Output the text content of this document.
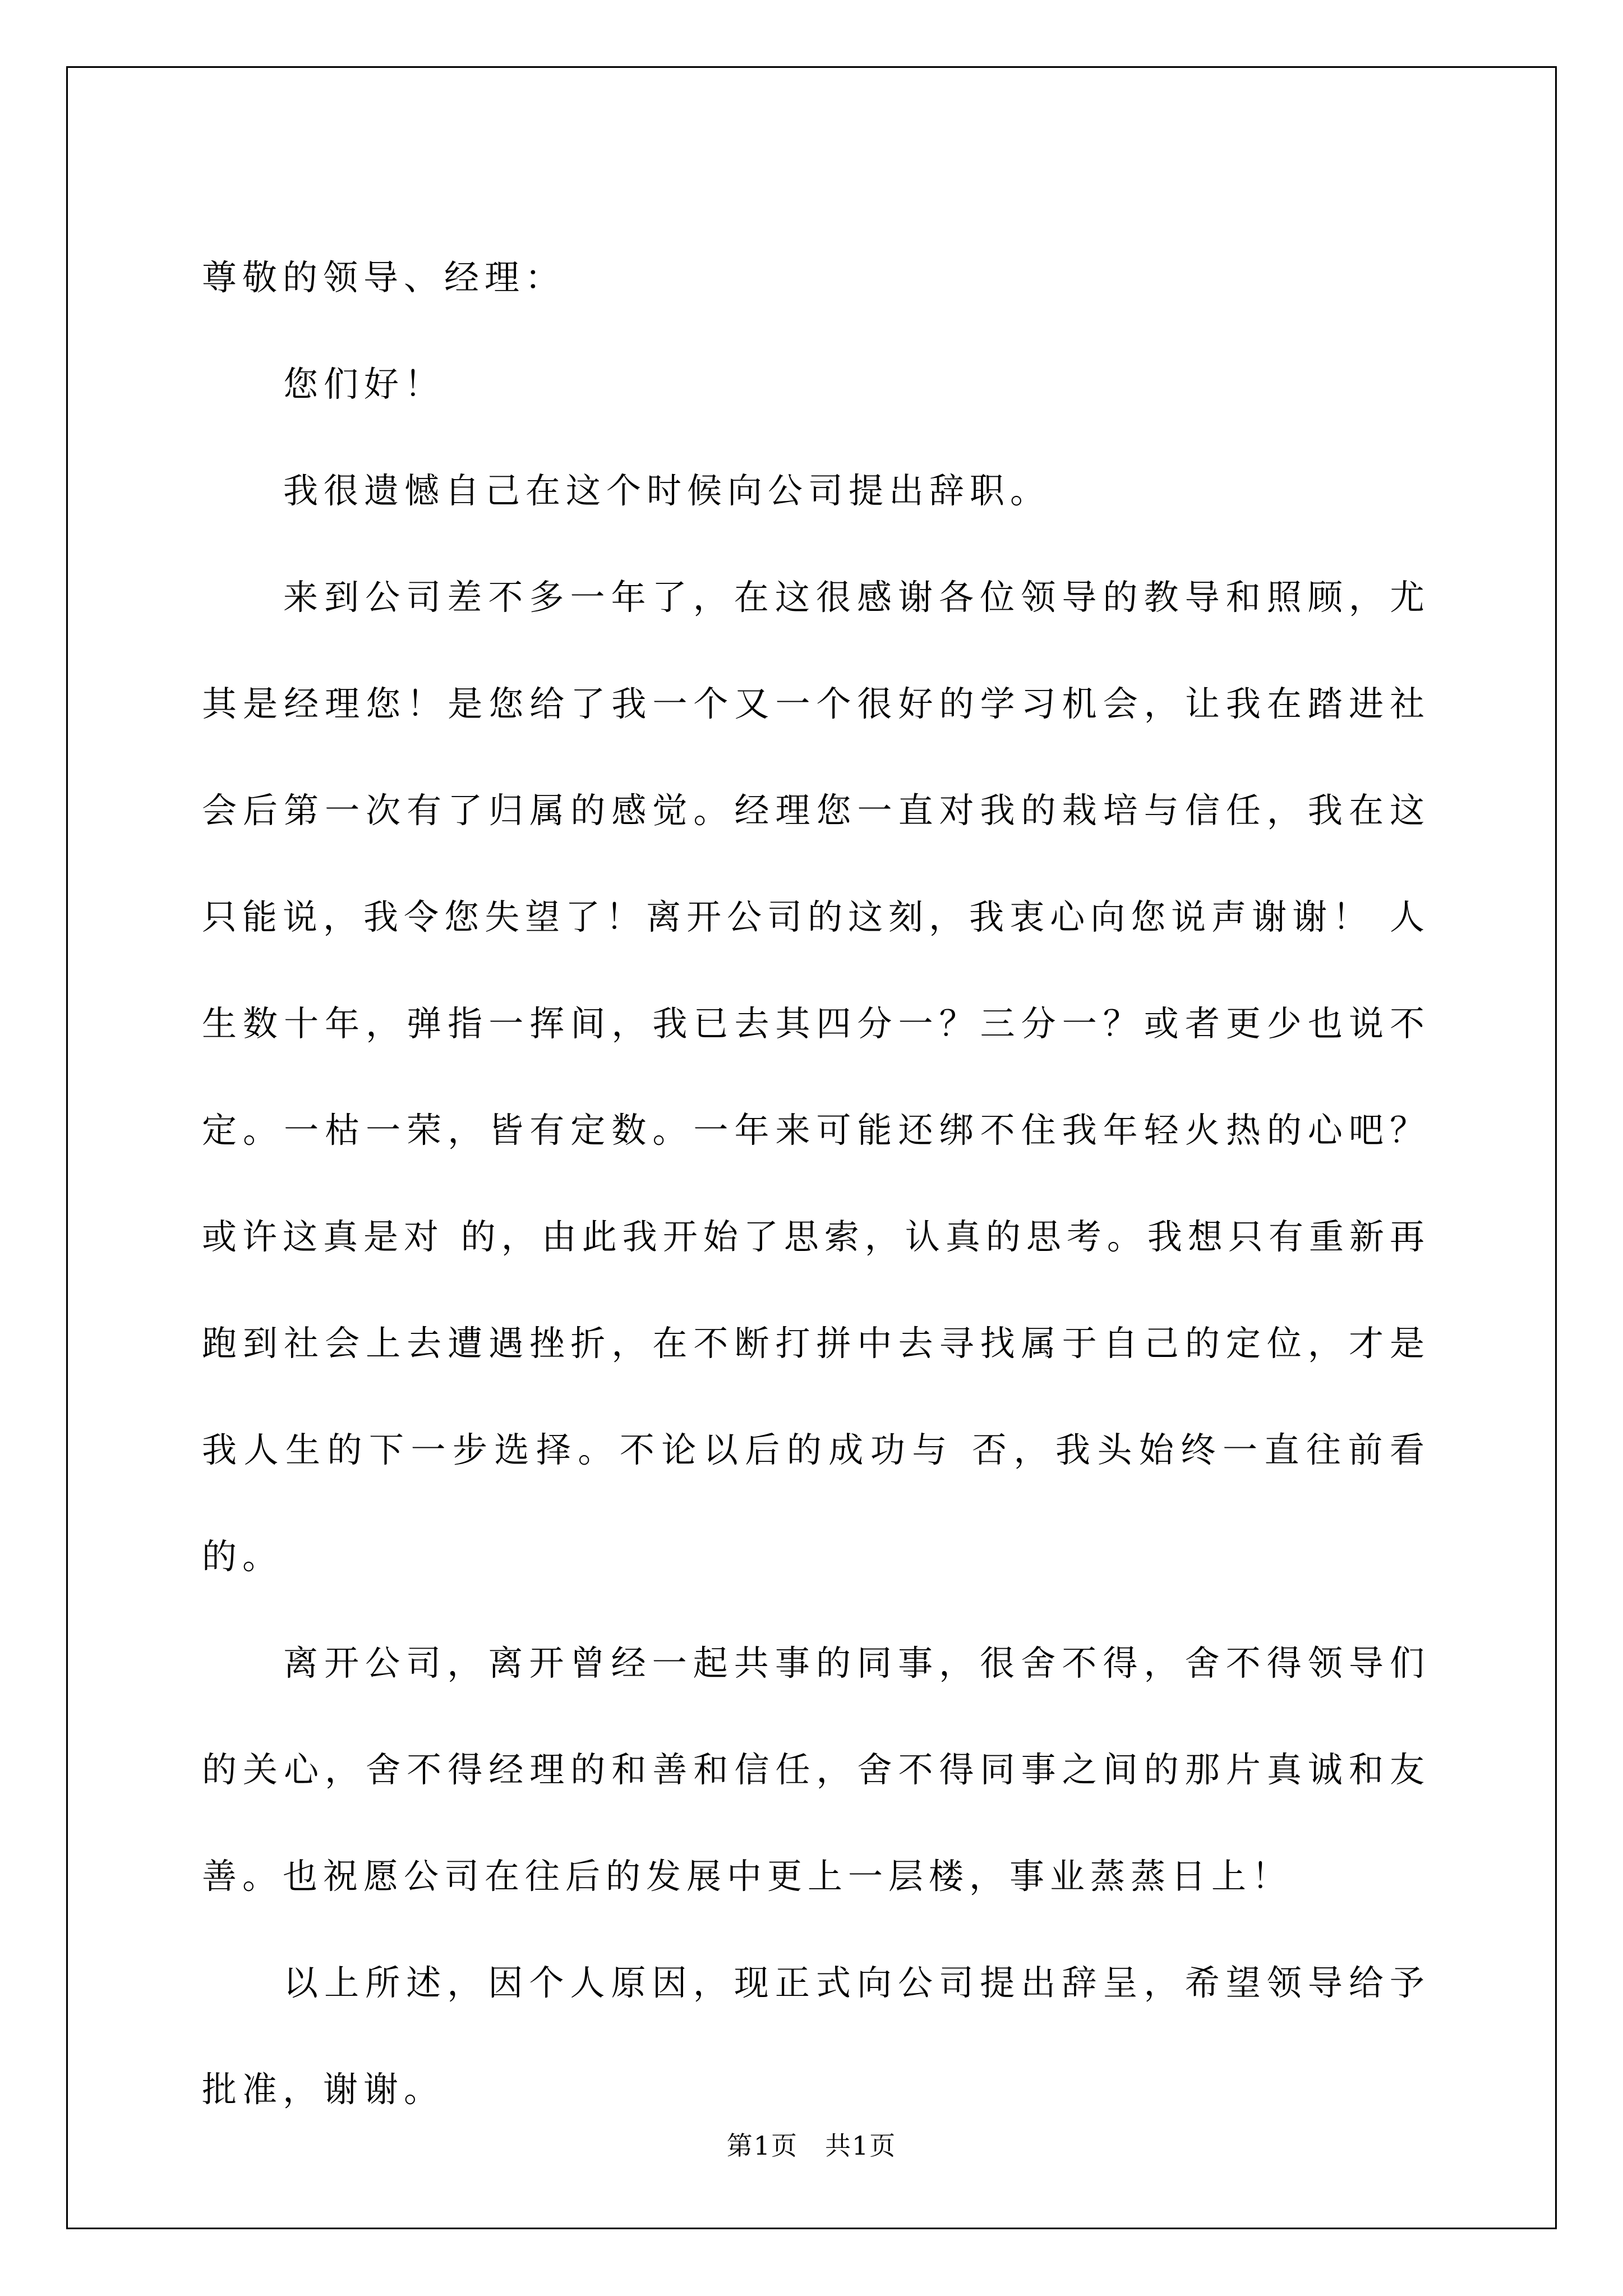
尊敬的领导、经理：

您们好！

我很遗憾自己在这个时候向公司提出辞职。

来到公司差不多一年了，在这很感谢各位领导的教导和照顾，尤其是经理您！是您给了我一个又一个很好的学习机会，让我在踏进社会后第一次有了归属的感觉。经理您一直对我的栽培与信任，我在这只能说，我令您失望了！离开公司的这刻，我衷心向您说声谢谢！ 人生数十年，弹指一挥间，我已去其四分一？三分一？或者更少也说不定。一枯一荣，皆有定数。一年来可能还绑不住我年轻火热的心吧？或许这真是对 的，由此我开始了思索，认真的思考。我想只有重新再跑到社会上去遭遇挫折，在不断打拼中去寻找属于自己的定位，才是我人生的下一步选择。不论以后的成功与 否，我头始终一直往前看的。

离开公司，离开曾经一起共事的同事，很舍不得，舍不得领导们的关心，舍不得经理的和善和信任，舍不得同事之间的那片真诚和友善。也祝愿公司在往后的发展中更上一层楼，事业蒸蒸日上！

以上所述，因个人原因，现正式向公司提出辞呈，希望领导给予批准，谢谢。

第1页　共1页
